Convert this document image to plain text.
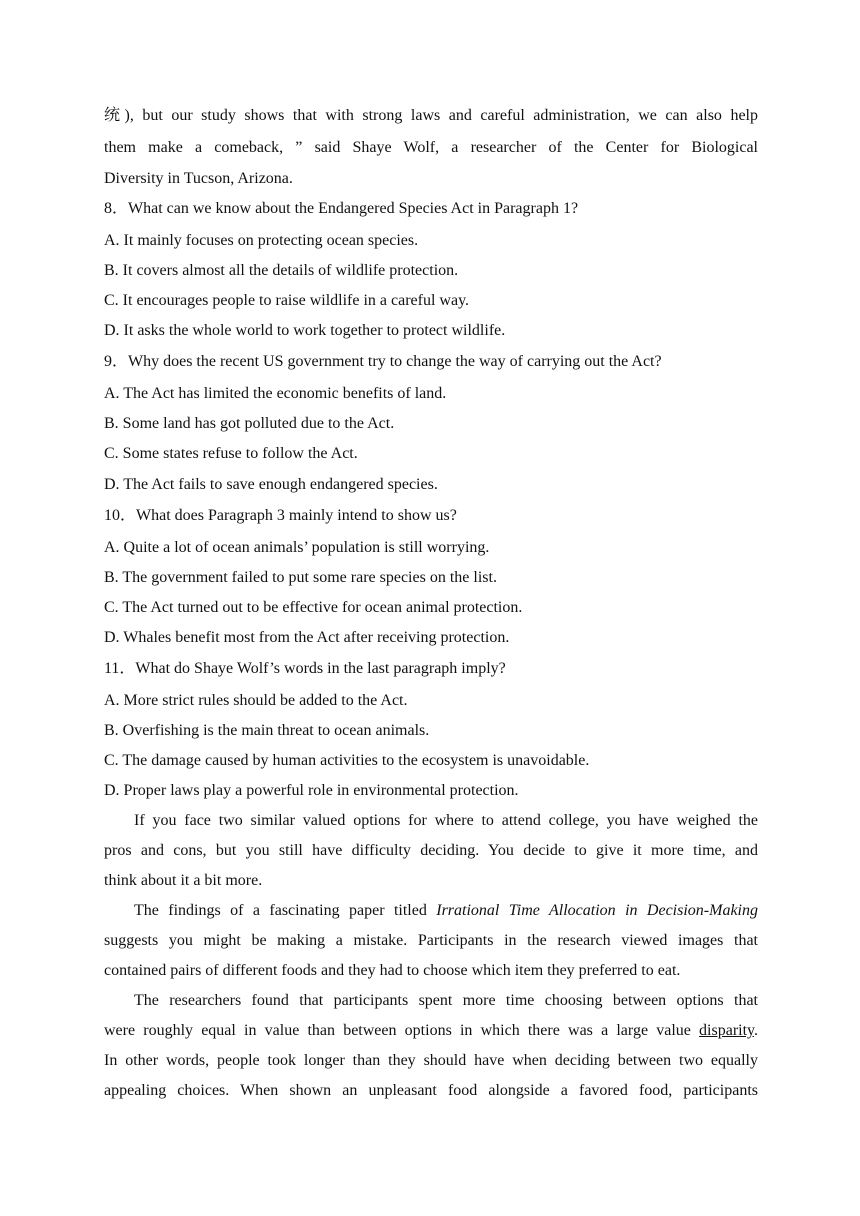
统), but our study shows that with strong laws and careful administration, we can also help
them make a comeback, ” said Shaye Wolf, a researcher of the Center for Biological
Diversity in Tucson, Arizona.
8．What can we know about the Endangered Species Act in Paragraph 1?
A. It mainly focuses on protecting ocean species.
B. It covers almost all the details of wildlife protection.
C. It encourages people to raise wildlife in a careful way.
D. It asks the whole world to work together to protect wildlife.
9．Why does the recent US government try to change the way of carrying out the Act?
A. The Act has limited the economic benefits of land.
B. Some land has got polluted due to the Act.
C. Some states refuse to follow the Act.
D. The Act fails to save enough endangered species.
10．What does Paragraph 3 mainly intend to show us?
A. Quite a lot of ocean animals’ population is still worrying.
B. The government failed to put some rare species on the list.
C. The Act turned out to be effective for ocean animal protection.
D. Whales benefit most from the Act after receiving protection.
11．What do Shaye Wolf’s words in the last paragraph imply?
A. More strict rules should be added to the Act.
B. Overfishing is the main threat to ocean animals.
C. The damage caused by human activities to the ecosystem is unavoidable.
D. Proper laws play a powerful role in environmental protection.
If you face two similar valued options for where to attend college, you have weighed the
pros and cons, but you still have difficulty deciding. You decide to give it more time, and
think about it a bit more.
The findings of a fascinating paper titled Irrational Time Allocation in Decision-Making
suggests you might be making a mistake. Participants in the research viewed images that
contained pairs of different foods and they had to choose which item they preferred to eat.
The researchers found that participants spent more time choosing between options that
were roughly equal in value than between options in which there was a large value disparity.
In other words, people took longer than they should have when deciding between two equally
appealing choices. When shown an unpleasant food alongside a favored food, participants
